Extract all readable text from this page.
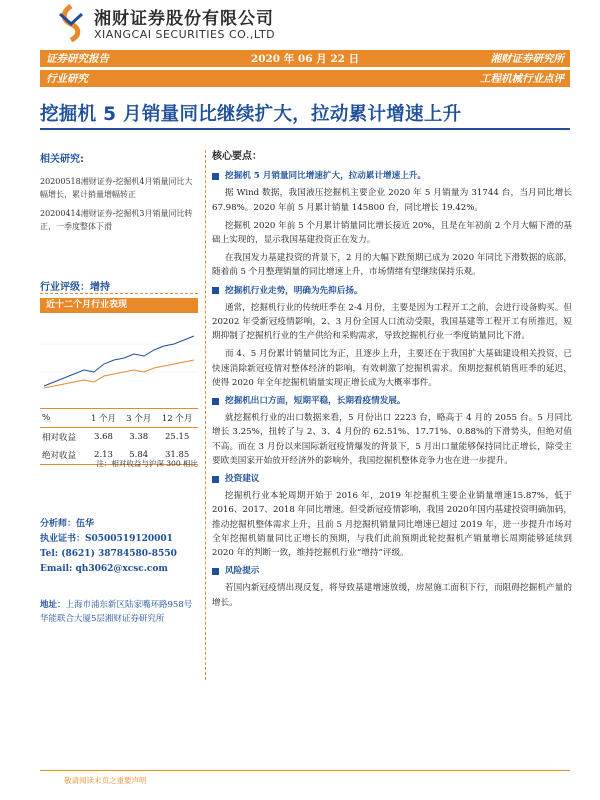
湘财证券股份有限公司
XIANGCAI SECURITIES CO.,LTD
证券研究报告	2020 年 06 月 22 日	湘财证券研究所
行业研究	工程机械行业点评
挖掘机 5 月销量同比继续扩大，拉动累计增速上升
相关研究:
20200518湘财证券-挖掘机4月销量同比大幅增长，累计销量增幅转正
20200414湘财证券-挖掘机3月销量同比转正，一季度整体下滑
行业评级：增持
近十二个月行业表现
%	1 个月	3 个月	12 个月
相对收益	3.68	3.38	25.15
绝对收益	2.13	5.84	31.85
注：相对收益与沪深 300 相比
分析师：伍华
执业证书：S0500519120001
Tel: (8621) 38784580-8550
Email: qh3062@xcsc.com
地址：上海市浦东新区陆家嘴环路958号华能联合大厦5层湘财证券研究所
核心要点：
挖掘机 5 月销量同比增速扩大，拉动累计增速上升。

据 Wind 数据，我国液压挖掘机主要企业 2020 年 5 月销量为 31744 台，当月同比增长 67.98%。2020 年前 5 月累计销量 145800 台，同比增长 19.42%。

挖掘机 2020 年前 5 个月累计销量同比增长接近 20%，且是在年初前 2 个月大幅下滑的基础上实现的，显示我国基建投资正在发力。

在我国发力基建投资的背景下，2 月的大幅下跌预期已成为 2020 年同比下滑数据的底部，随着前 5 个月整理销量的同比增速上升，市场情绪有望继续保持乐观。

挖掘机行业走势，明确为先抑后扬。

通常，挖掘机行业的传统旺季在 2-4 月份，主要是因为工程开工之前，会进行设备购买。但 20202 年受新冠疫情影响，2、3 月份全国人口流动受限，我国基建等工程开工有所推迟，短期抑制了挖掘机行业的生产供给和采购需求，导致挖掘机行业一季度销量同比下滑。

而 4、5 月份累计销量同比为正，且逐步上升，主要还在于我国扩大基础建设相关投资，已快速消除新冠疫情对整体经济的影响，有效刺激了挖掘机需求。预期挖掘机销售旺季的延迟，使得 2020 年全年挖掘机销量实现正增长成为大概率事件。

挖掘机出口方面，短期平稳，长期看疫情发展。

就挖掘机行业的出口数据来看，5 月份出口 2223 台，略高于 4 月的 2055 台。5 月同比增长 3.25%，扭转了与 2、3、4 月份的 62.51%、17.71%、0.88%的下滑势头，但绝对值不高。而在 3 月份以来国际新冠疫情爆发的背景下，5 月出口量能够保持同比正增长，除受主要欧美国家开始放开经济外的影响外，我国挖掘机整体竞争力也在进一步提升。

投资建议

挖掘机行业本轮周期开始于 2016 年，2019 年挖掘机主要企业销量增速15.87%，低于 2016、2017、2018 年同比增速。但受新冠疫情影响，我国 2020年国内基建投资明确加码，推动挖掘机整体需求上升，且前 5 月挖掘机销量同比增速已超过 2019 年，进一步提升市场对全年挖掘机销量同比正增长的预期，与我们此前预期此轮挖掘机产销量增长周期能够延续到 2020 年的判断一致，维持挖掘机行业“增持”评级。

风险提示

若国内新冠疫情出现反复，将导致基建增速放缓，房屋施工面积下行，而阻碍挖掘机产量的增长。

敬请阅读末页之重要声明
